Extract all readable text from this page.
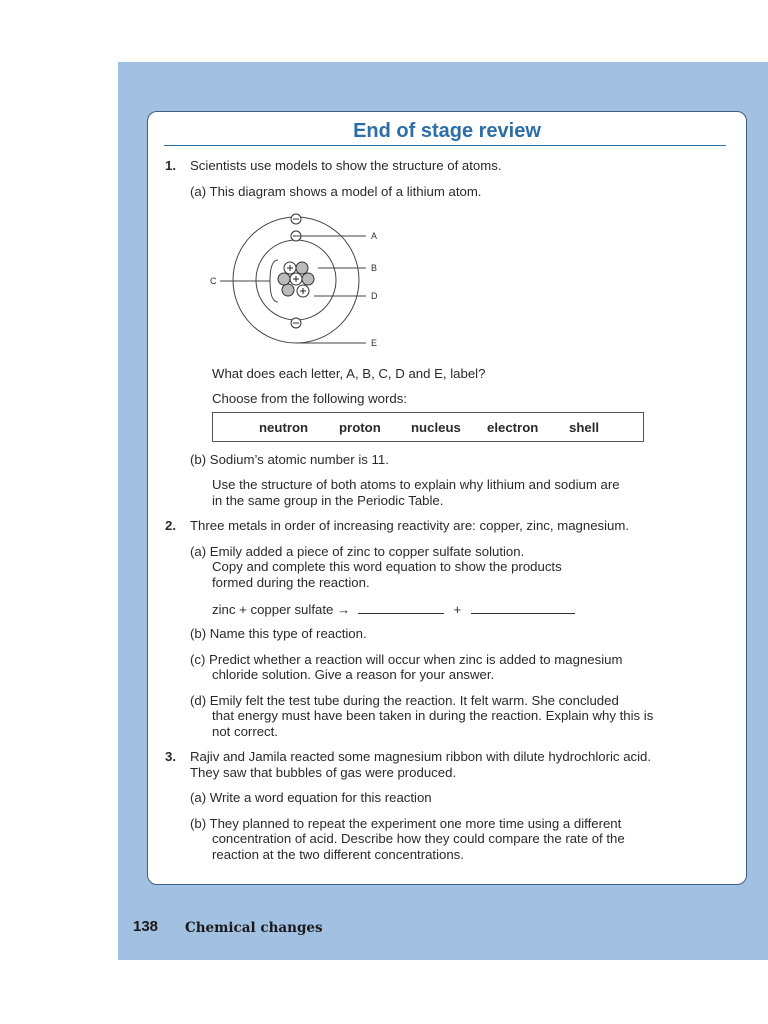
End of stage review
1. Scientists use models to show the structure of atoms.
(a) This diagram shows a model of a lithium atom.
A
B
D
E
C
What does each letter, A, B, C, D and E, label?
Choose from the following words:
neutron proton nucleus electron shell
(b) Sodium’s atomic number is 11.
Use the structure of both atoms to explain why lithium and sodium are
in the same group in the Periodic Table.
2. Three metals in order of increasing reactivity are: copper, zinc, magnesium.
(a) Emily added a piece of zinc to copper sulfate solution.
Copy and complete this word equation to show the products
formed during the reaction.
zinc + copper sulfate →	+
(b) Name this type of reaction.
(c) Predict whether a reaction will occur when zinc is added to magnesium
chloride solution. Give a reason for your answer.
(d) Emily felt the test tube during the reaction. It felt warm. She concluded
that energy must have been taken in during the reaction. Explain why this is
not correct.
3. Rajiv and Jamila reacted some magnesium ribbon with dilute hydrochloric acid.
They saw that bubbles of gas were produced.
(a) Write a word equation for this reaction
(b) They planned to repeat the experiment one more time using a different
concentration of acid. Describe how they could compare the rate of the
reaction at the two different concentrations.
138 Chemical changes
